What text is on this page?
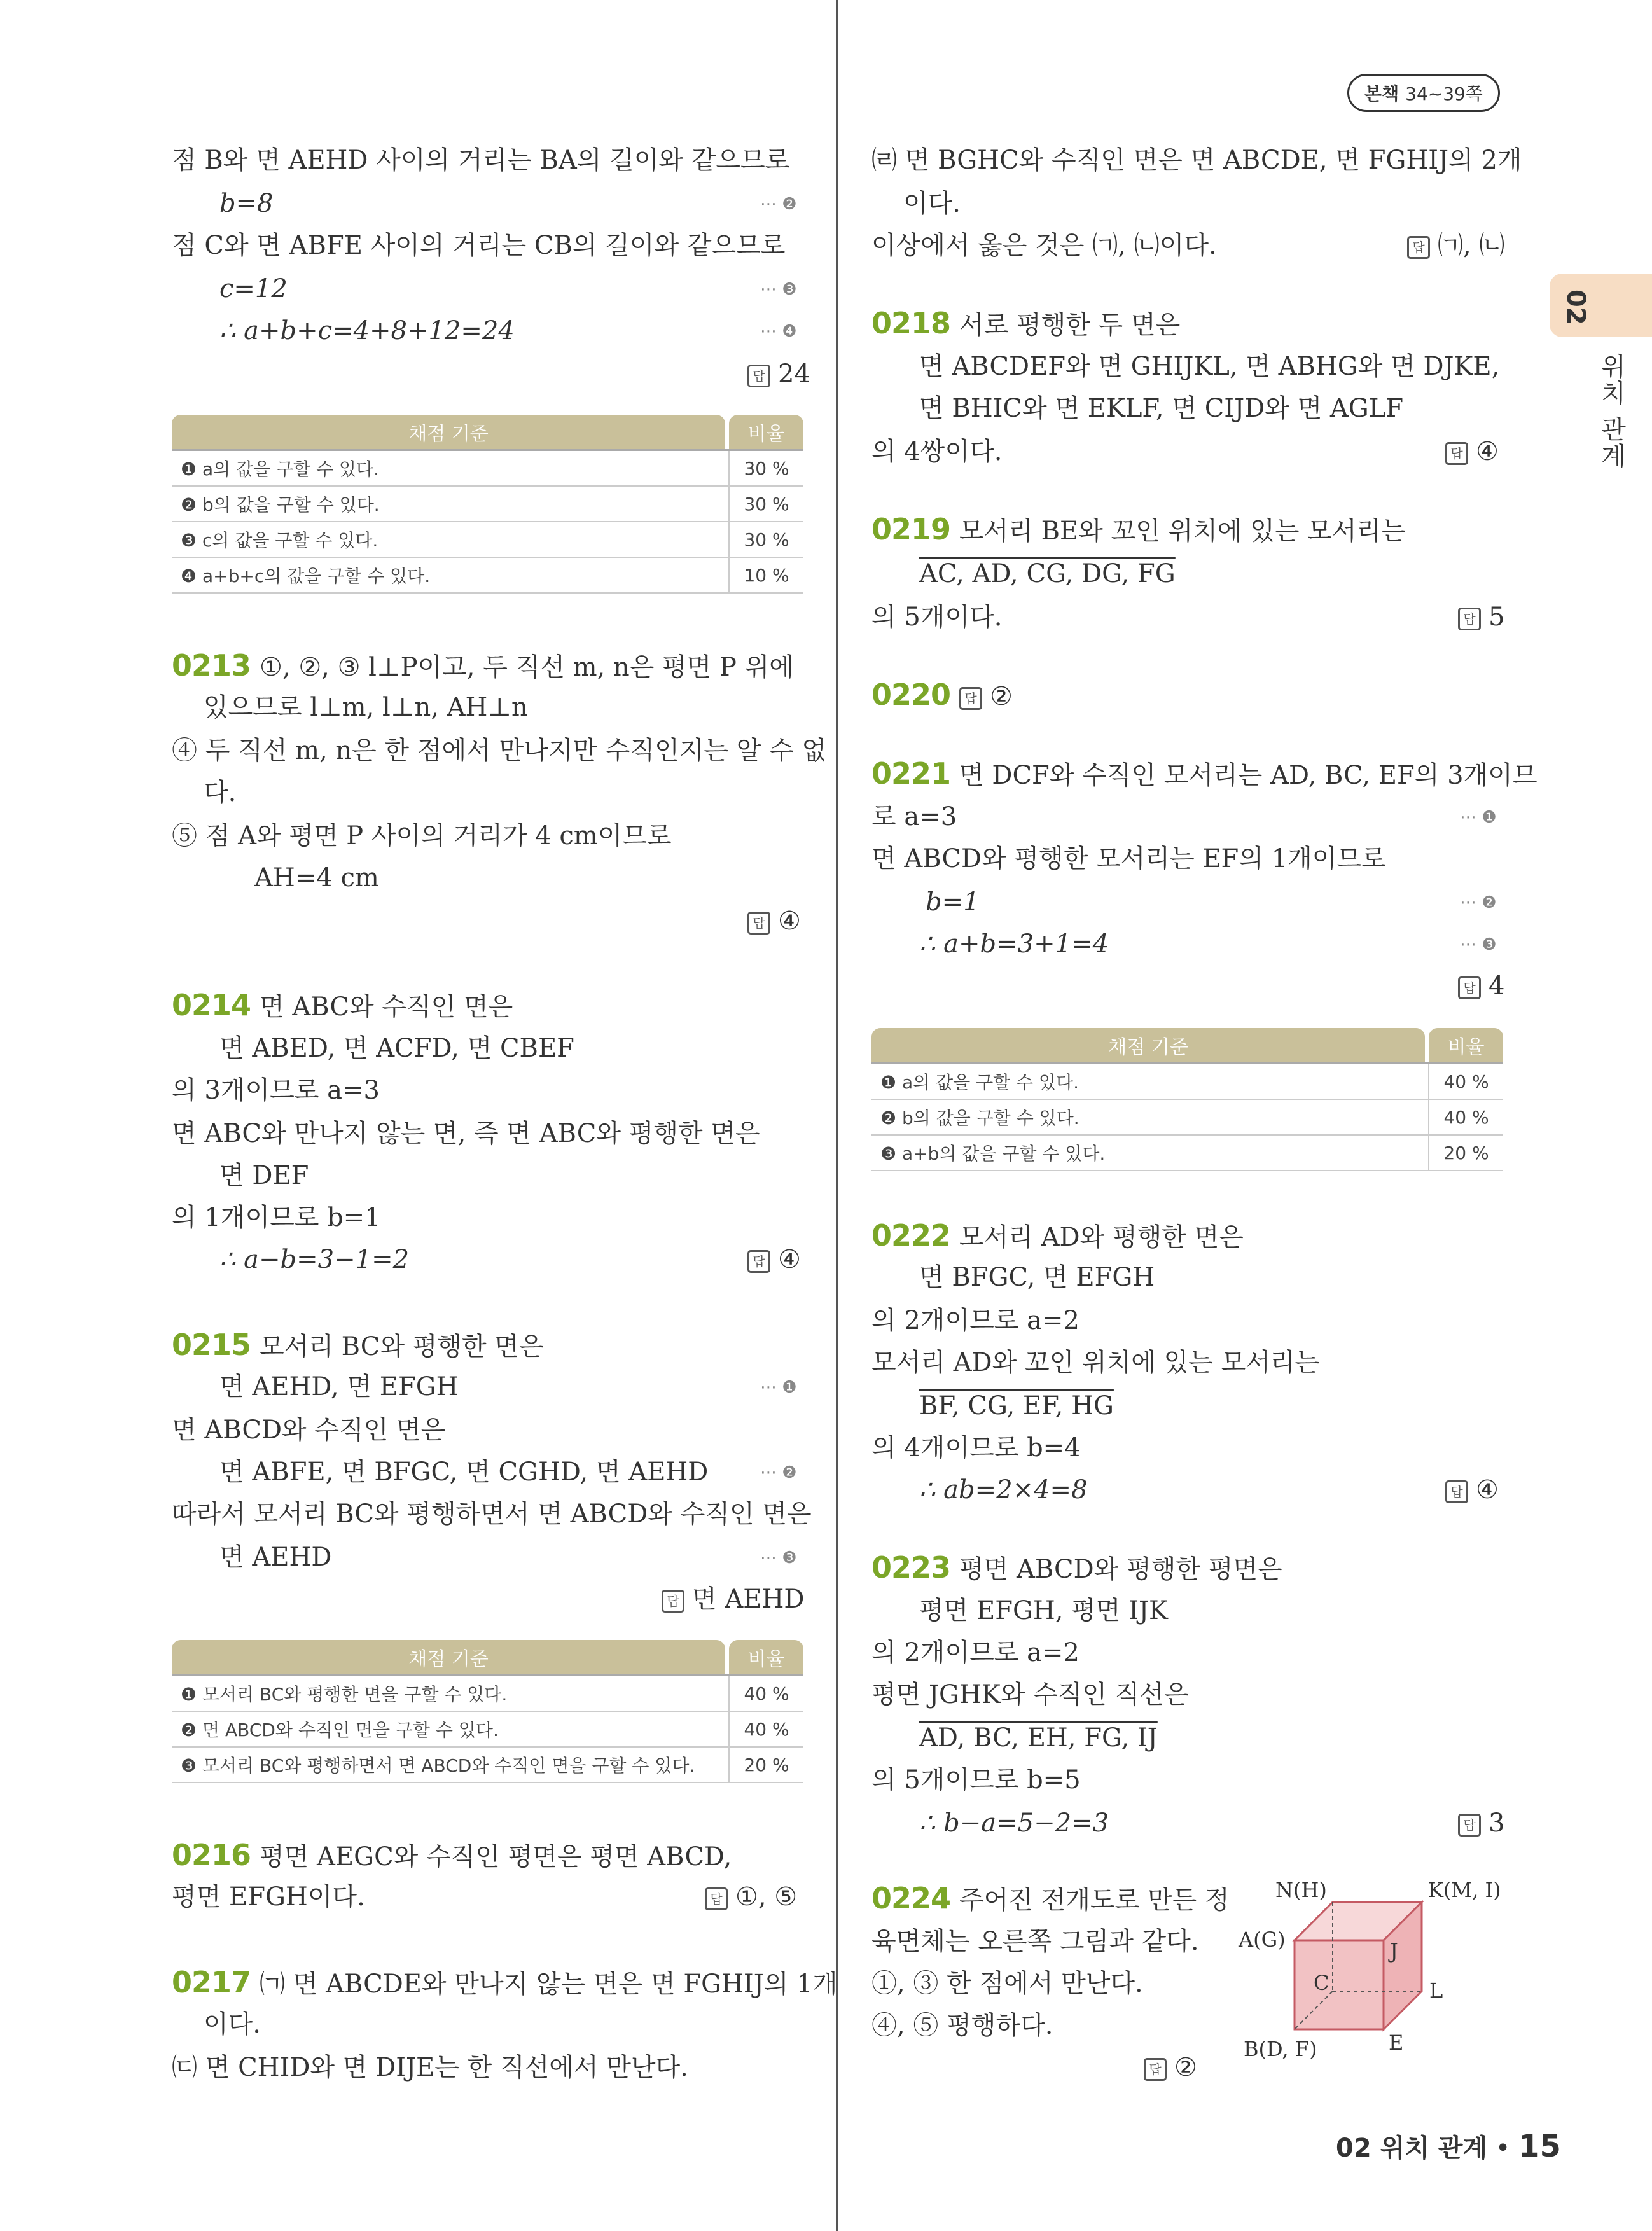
본책 34~39쪽
02
위치 관계
점 B와 면 AEHD 사이의 거리는 BA의 길이와 같으므로
b=8	⋯ ❷
점 C와 면 ABFE 사이의 거리는 CB의 길이와 같으므로
c=12	⋯ ❸
∴ a+b+c=4+8+12=24	⋯ ❹
답 24
채점 기준		비율
❶ a의 값을 구할 수 있다.		30 %
❷ b의 값을 구할 수 있다.		30 %
❸ c의 값을 구할 수 있다.		30 %
❹ a+b+c의 값을 구할 수 있다.		10 %
0213 ①, ②, ③ l⊥P이고, 두 직선 m, n은 평면 P 위에
있으므로 l⊥m, l⊥n, AH⊥n
④ 두 직선 m, n은 한 점에서 만나지만 수직인지는 알 수 없
다.
⑤ 점 A와 평면 P 사이의 거리가 4 cm이므로
AH=4 cm
답 ④
0214 면 ABC와 수직인 면은
면 ABED, 면 ACFD, 면 CBEF
의 3개이므로 a=3
면 ABC와 만나지 않는 면, 즉 면 ABC와 평행한 면은
면 DEF
의 1개이므로 b=1
∴ a−b=3−1=2	답 ④
0215 모서리 BC와 평행한 면은
면 AEHD, 면 EFGH	⋯ ❶
면 ABCD와 수직인 면은
면 ABFE, 면 BFGC, 면 CGHD, 면 AEHD	⋯ ❷
따라서 모서리 BC와 평행하면서 면 ABCD와 수직인 면은
면 AEHD	⋯ ❸
답 면 AEHD
채점 기준		비율
❶ 모서리 BC와 평행한 면을 구할 수 있다.		40 %
❷ 면 ABCD와 수직인 면을 구할 수 있다.		40 %
❸ 모서리 BC와 평행하면서 면 ABCD와 수직인 면을 구할 수 있다.		20 %
0216 평면 AEGC와 수직인 평면은 평면 ABCD,
평면 EFGH이다.	답 ①, ⑤
0217 ㈀ 면 ABCDE와 만나지 않는 면은 면 FGHIJ의 1개
이다.
㈂ 면 CHID와 면 DIJE는 한 직선에서 만난다.
㈃ 면 BGHC와 수직인 면은 면 ABCDE, 면 FGHIJ의 2개
이다.
이상에서 옳은 것은 ㈀, ㈁이다.	답 ㈀, ㈁
0218 서로 평행한 두 면은
면 ABCDEF와 면 GHIJKL, 면 ABHG와 면 DJKE,
면 BHIC와 면 EKLF, 면 CIJD와 면 AGLF
의 4쌍이다.	답 ④
0219 모서리 BE와 꼬인 위치에 있는 모서리는
AC, AD, CG, DG, FG
의 5개이다.	답 5
0220 답 ②
0221 면 DCF와 수직인 모서리는 AD, BC, EF의 3개이므
로 a=3	⋯ ❶
면 ABCD와 평행한 모서리는 EF의 1개이므로
b=1	⋯ ❷
∴ a+b=3+1=4	⋯ ❸
답 4
채점 기준		비율
❶ a의 값을 구할 수 있다.		40 %
❷ b의 값을 구할 수 있다.		40 %
❸ a+b의 값을 구할 수 있다.		20 %
0222 모서리 AD와 평행한 면은
면 BFGC, 면 EFGH
의 2개이므로 a=2
모서리 AD와 꼬인 위치에 있는 모서리는
BF, CG, EF, HG
의 4개이므로 b=4
∴ ab=2×4=8	답 ④
0223 평면 ABCD와 평행한 평면은
평면 EFGH, 평면 IJK
의 2개이므로 a=2
평면 JGHK와 수직인 직선은
AD, BC, EH, FG, IJ
의 5개이므로 b=5
∴ b−a=5−2=3	답 3
0224 주어진 전개도로 만든 정
육면체는 오른쪽 그림과 같다.
①, ③ 한 점에서 만난다.
④, ⑤ 평행하다.
답 ②
N(H)	K(M, I)
A(G)	J
C	L
B(D, F)	E
02 위치 관계 • 15
